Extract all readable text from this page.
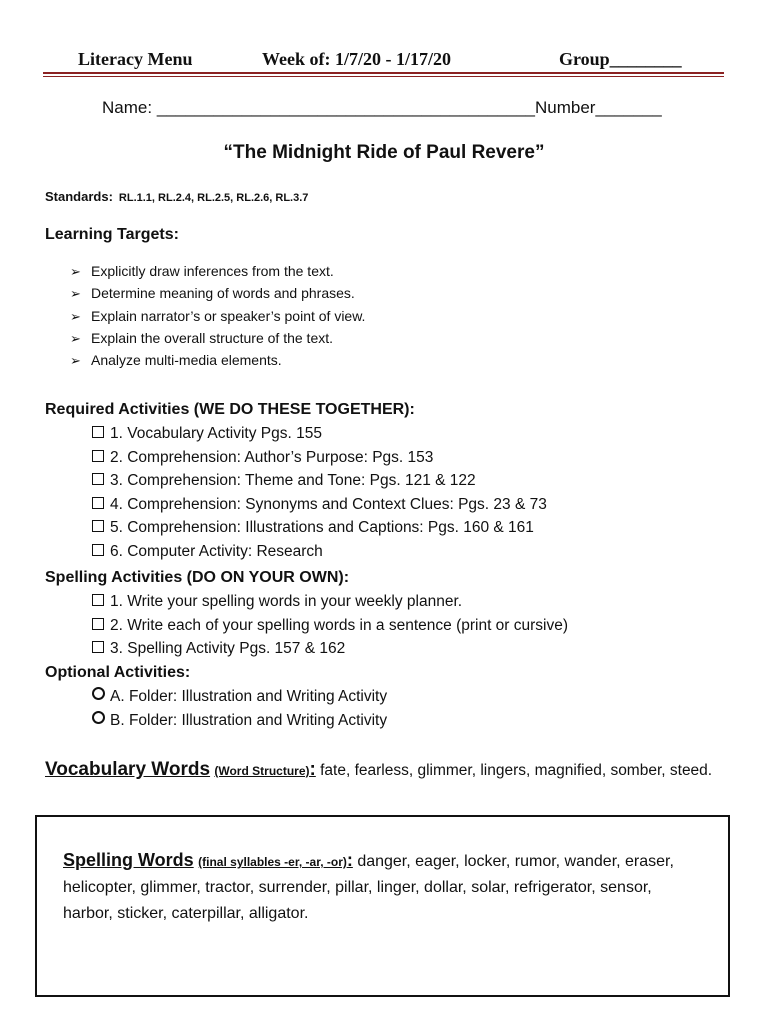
Literacy Menu	Week of: 1/7/20 - 1/17/20	Group________
Name: ________________________________________Number_______
“The Midnight Ride of Paul Revere”
Standards: RL.1.1, RL.2.4, RL.2.5, RL.2.6, RL.3.7
Learning Targets:
➢ Explicitly draw inferences from the text.
➢ Determine meaning of words and phrases.
➢ Explain narrator’s or speaker’s point of view.
➢ Explain the overall structure of the text.
➢ Analyze multi-media elements.
Required Activities (WE DO THESE TOGETHER):
1. Vocabulary Activity Pgs. 155
2. Comprehension: Author’s Purpose: Pgs. 153
3. Comprehension: Theme and Tone: Pgs. 121 & 122
4. Comprehension: Synonyms and Context Clues: Pgs. 23 & 73
5. Comprehension: Illustrations and Captions: Pgs. 160 & 161
6. Computer Activity: Research
Spelling Activities (DO ON YOUR OWN):
1. Write your spelling words in your weekly planner.
2. Write each of your spelling words in a sentence (print or cursive)
3. Spelling Activity Pgs. 157 & 162
Optional Activities:
A. Folder: Illustration and Writing Activity
B. Folder: Illustration and Writing Activity
Vocabulary Words (Word Structure): fate, fearless, glimmer, lingers, magnified, somber, steed.
Spelling Words (final syllables -er, -ar, -or): danger, eager, locker, rumor, wander, eraser, helicopter, glimmer, tractor, surrender, pillar, linger, dollar, solar, refrigerator, sensor, harbor, sticker, caterpillar, alligator.
